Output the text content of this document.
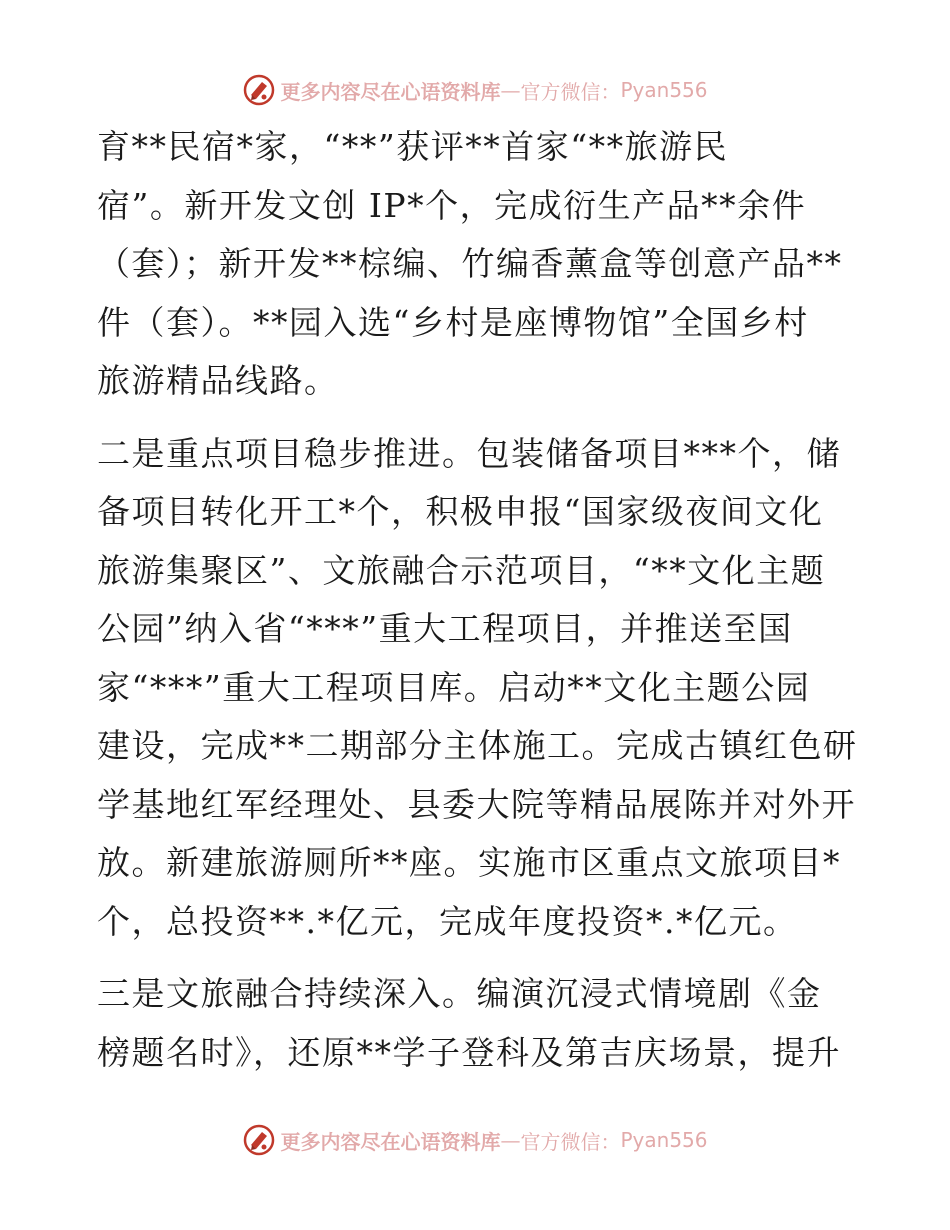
更多内容尽在心语资料库 — 官方微信： Pyan556

育**民宿*家，“**”获评**首家“**旅游民
宿”。新开发文创 IP*个，完成衍生产品**余件
（套）；新开发**棕编、竹编香薰盒等创意产品**
件（套）。**园入选“乡村是座博物馆”全国乡村
旅游精品线路。

二是重点项目稳步推进。包装储备项目***个，储
备项目转化开工*个，积极申报“国家级夜间文化
旅游集聚区”、文旅融合示范项目，“**文化主题
公园”纳入省“***”重大工程项目，并推送至国
家“***”重大工程项目库。启动**文化主题公园
建设，完成**二期部分主体施工。完成古镇红色研
学基地红军经理处、县委大院等精品展陈并对外开
放。新建旅游厕所**座。实施市区重点文旅项目*
个，总投资**.*亿元，完成年度投资*.*亿元。

三是文旅融合持续深入。编演沉浸式情境剧《金
榜题名时》，还原**学子登科及第吉庆场景，提升

更多内容尽在心语资料库 — 官方微信： Pyan556
